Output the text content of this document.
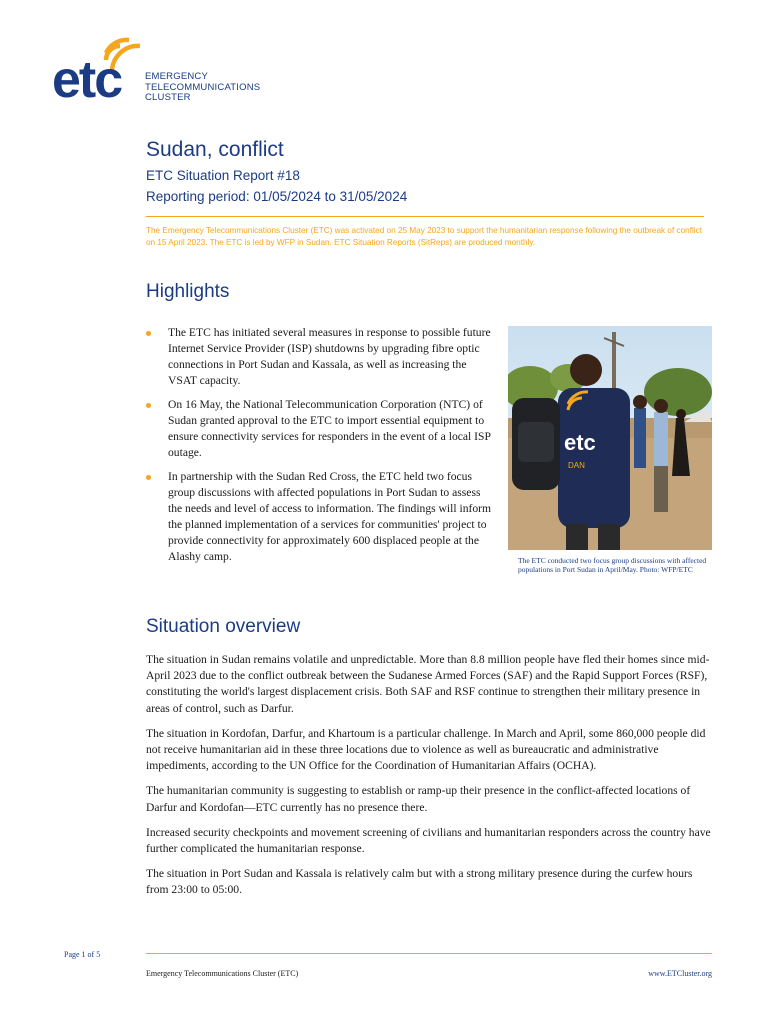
etc	EMERGENCY
TELECOMMUNICATIONS
CLUSTER
Sudan, conflict
ETC Situation Report #18
Reporting period: 01/05/2024 to 31/05/2024
The Emergency Telecommunications Cluster (ETC) was activated on 25 May 2023 to support the humanitarian response following the outbreak of conflict on 15 April 2023. The ETC is led by WFP in Sudan. ETC Situation Reports (SitReps) are produced monthly.
Highlights
The ETC has initiated several measures in response to possible future Internet Service Provider (ISP) shutdowns by upgrading fibre optic connections in Port Sudan and Kassala, as well as increasing the VSAT capacity.
On 16 May, the National Telecommunication Corporation (NTC) of Sudan granted approval to the ETC to import essential equipment to ensure connectivity services for responders in the event of a local ISP outage.
In partnership with the Sudan Red Cross, the ETC held two focus group discussions with affected populations in Port Sudan to assess the needs and level of access to information. The findings will inform the planned implementation of a services for communities' project to provide connectivity for approximately 600 displaced people at the Alashy camp.
etc
DAN
The ETC conducted two focus group discussions with affected populations in Port Sudan in April/May. Photo: WFP/ETC
Situation overview

The situation in Sudan remains volatile and unpredictable. More than 8.8 million people have fled their homes since mid-April 2023 due to the conflict outbreak between the Sudanese Armed Forces (SAF) and the Rapid Support Forces (RSF), constituting the world's largest displacement crisis. Both SAF and RSF continue to strengthen their military presence in areas of control, such as Darfur.

The situation in Kordofan, Darfur, and Khartoum is a particular challenge. In March and April, some 860,000 people did not receive humanitarian aid in these three locations due to violence as well as bureaucratic and administrative impediments, according to the UN Office for the Coordination of Humanitarian Affairs (OCHA).

The humanitarian community is suggesting to establish or ramp-up their presence in the conflict-affected locations of Darfur and Kordofan—ETC currently has no presence there.

Increased security checkpoints and movement screening of civilians and humanitarian responders across the country have further complicated the humanitarian response.

The situation in Port Sudan and Kassala is relatively calm but with a strong military presence during the curfew hours from 23:00 to 05:00.

Page 1 of 5
Emergency Telecommunications Cluster (ETC)	www.ETCluster.org
